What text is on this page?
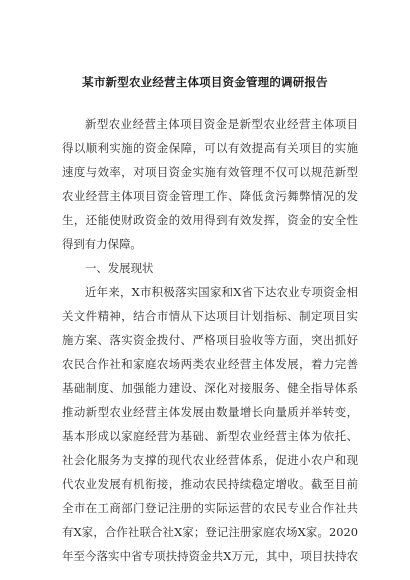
某市新型农业经营主体项目资金管理的调研报告
新型农业经营主体项目资金是新型农业经营主体项目
得以顺利实施的资金保障，可以有效提高有关项目的实施
速度与效率，对项目资金实施有效管理不仅可以规范新型
农业经营主体项目资金管理工作、降低贪污舞弊情况的发
生，还能使财政资金的效用得到有效发挥，资金的安全性
得到有力保障。
一、发展现状
近年来，X市积极落实国家和X省下达农业专项资金相
关文件精神，结合市情从下达项目计划指标、制定项目实
施方案、落实资金拨付、严格项目验收等方面，突出抓好
农民合作社和家庭农场两类农业经营主体发展，着力完善
基础制度、加强能力建设、深化对接服务、健全指导体系
推动新型农业经营主体发展由数量增长向量质并举转变，
基本形成以家庭经营为基础、新型农业经营主体为依托、
社会化服务为支撑的现代农业经营体系，促进小农户和现
代农业发展有机衔接，推动农民持续稳定增收。截至目前
全市在工商部门登记注册的实际运营的农民专业合作社共
有X家，合作社联合社X家；登记注册家庭农场X家。2020
年至今落实中省专项扶持资金共X万元，其中，项目扶持农
